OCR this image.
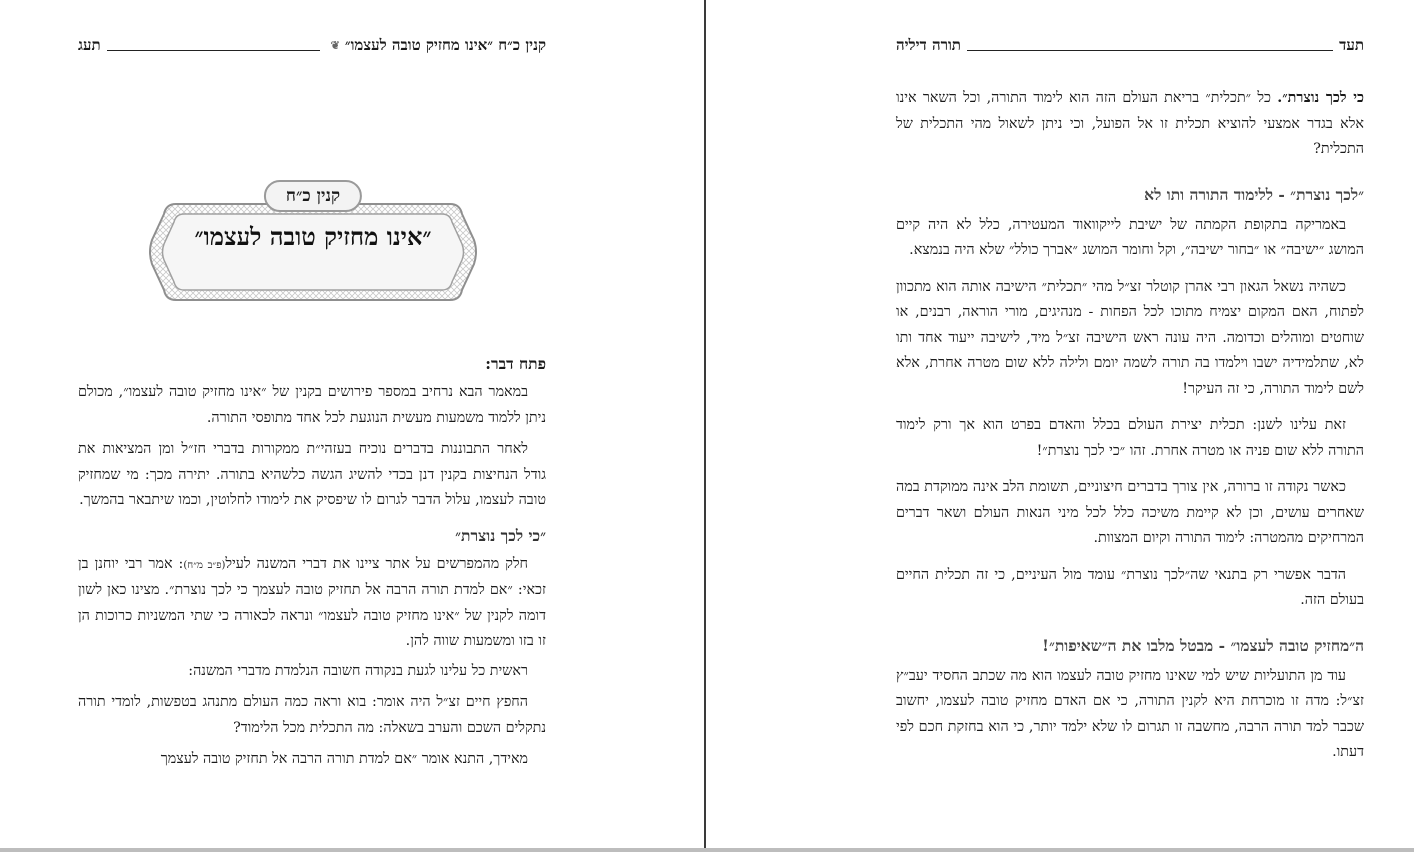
קנין כ״ח ״אינו מחזיק טובה לעצמו״
❦
תעג
קנין כ״ח
״אינו מחזיק טובה לעצמו״
פתח דבר:

במאמר הבא נרחיב במספר פירושים בקנין של ״אינו מחזיק טובה לעצמו״, מכולם ניתן ללמוד משמעות מעשית הנוגעת לכל אחד מתופסי התורה.

לאחר התבוננות בדברים נוכיח בעזהי״ת ממקורות בדברי חז״ל ומן המציאות את גודל הנחיצות בקנין דנן בכדי להשיג הגשה כלשהיא בתורה. יתירה מכך: מי שמחזיק טובה לעצמו, עלול הדבר לגרום לו שיפסיק את לימודו לחלוטין, וכמו שיתבאר בהמשך.

״כי לכך נוצרת״

חלק מהמפרשים על אתר ציינו את דברי המשנה לעיל(פ״ב מ״ח): אמר רבי יוחנן בן זכאי: ״אם למדת תורה הרבה אל תחזיק טובה לעצמך כי לכך נוצרת״. מצינו כאן לשון דומה לקנין של ״אינו מחזיק טובה לעצמו״ ונראה לכאורה כי שתי המשניות כרוכות הן זו בזו ומשמעות שווה להן.

ראשית כל עלינו לגעת בנקודה חשובה הנלמדת מדברי המשנה:

החפץ חיים זצ״ל היה אומר: בוא וראה כמה העולם מתנהג בטפשות, לומדי תורה נתקלים השכם והערב בשאלה: מה התכלית מכל הלימוד?

מאידך, התנא אומר ״אם למדת תורה הרבה אל תחזיק טובה לעצמך

תעד
תורה דיליה

כי לכך נוצרת״. כל ״תכלית״ בריאת העולם הזה הוא לימוד התורה, וכל השאר אינו אלא בגדר אמצעי להוציא תכלית זו אל הפועל, וכי ניתן לשאול מהי התכלית של התכלית?

״לכך נוצרת״ - ללימוד התורה ותו לא

באמריקה בתקופת הקמתה של ישיבת לייקוואוד המעטירה, כלל לא היה קיים המושג ״ישיבה״ או ״בחור ישיבה״, וקל וחומר המושג ״אברך כולל״ שלא היה בנמצא.

כשהיה נשאל הגאון רבי אהרן קוטלר זצ״ל מהי ״תכלית״ הישיבה אותה הוא מתכוון לפתוח, האם המקום יצמיח מתוכו לכל הפחות - מנהיגים, מורי הוראה, רבנים, או שוחטים ומוהלים וכדומה. היה עונה ראש הישיבה זצ״ל מיד, לישיבה ייעוד אחד ותו לא, שתלמידיה ישבו וילמדו בה תורה לשמה יומם ולילה ללא שום מטרה אחרת, אלא לשם לימוד התורה, כי זה העיקר!

זאת עלינו לשנן: תכלית יצירת העולם בכלל והאדם בפרט הוא אך ורק לימוד התורה ללא שום פניה או מטרה אחרת. זהו ״כי לכך נוצרת״!

כאשר נקודה זו ברורה, אין צורך בדברים חיצוניים, תשומת הלב אינה ממוקדת במה שאחרים עושים, וכן לא קיימת משיכה כלל לכל מיני הנאות העולם ושאר דברים המרחיקים מהמטרה: לימוד התורה וקיום המצוות.

הדבר אפשרי רק בתנאי שה״לכך נוצרת״ עומד מול העיניים, כי זה תכלית החיים בעולם הזה.

ה״מחזיק טובה לעצמו״ - מבטל מלבו את ה״שאיפות״!

עוד מן התועליות שיש למי שאינו מחזיק טובה לעצמו הוא מה שכתב החסיד יעב״ץ זצ״ל: מדה זו מוכרחת היא לקנין התורה, כי אם האדם מחזיק טובה לעצמו, יחשוב שכבר למד תורה הרבה, מחשבה זו תגרום לו שלא ילמד יותר, כי הוא בחזקת חכם לפי דעתו.
